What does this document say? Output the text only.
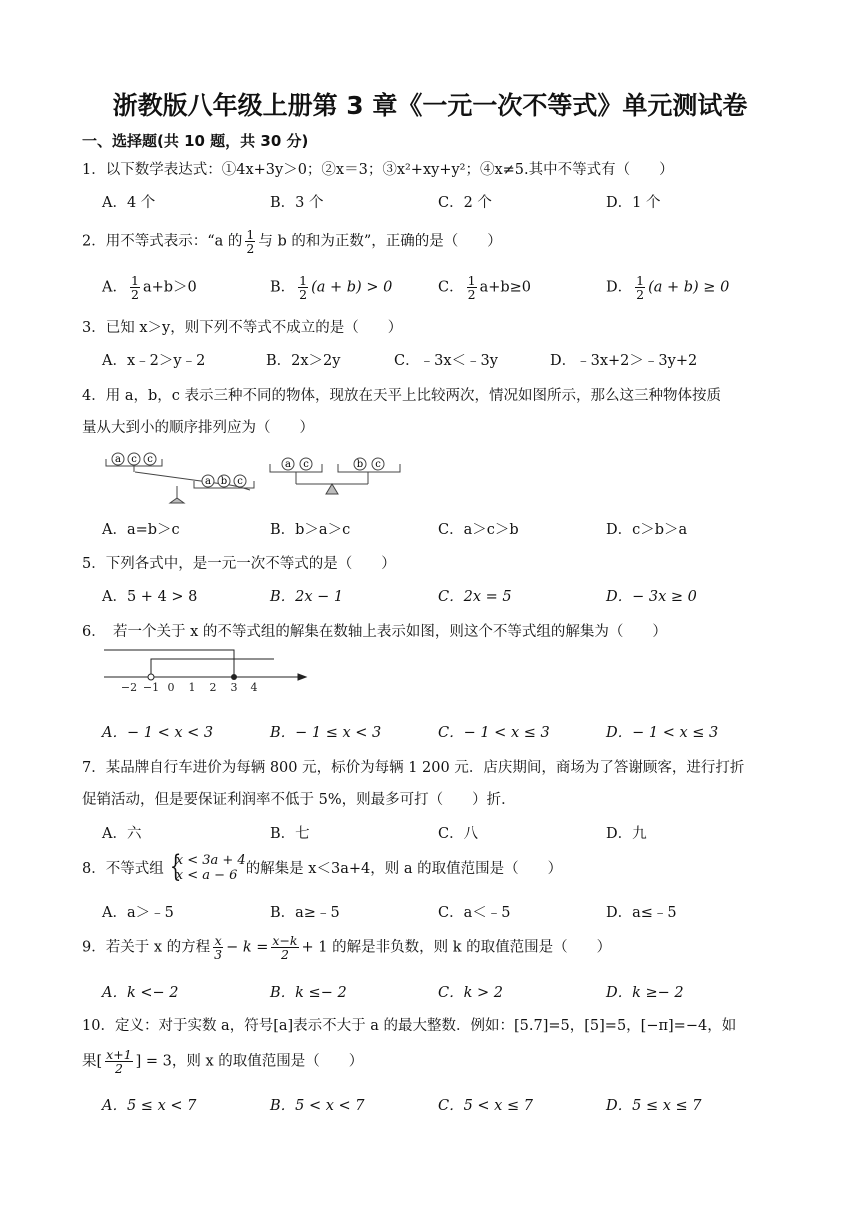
浙教版八年级上册第 3 章《一元一次不等式》单元测试卷
一、选择题(共 10 题，共 30 分)
1．以下数学表达式：①4x+3y＞0；②x＝3；③x²+xy+y²；④x≠5.其中不等式有（　　）
A．4 个	B．3 个	C．2 个	D．1 个
2．用不等式表示：“a 的 $\frac{1}{2}$ 与 b 的和为正数”，正确的是（　　）
A． $\frac{1}{2} a+b>0$	B． $\frac{1}{2} (a + b) > 0$	C． $\frac{1}{2} a+b\ge 0$	D． $\frac{1}{2} (a + b) \ge 0$
3．已知 x＞y，则下列不等式不成立的是（　　）
A．x﹣2＞y﹣2	B．2x＞2y	C．﹣3x＜﹣3y	D．﹣3x+2＞﹣3y+2
4．用 a，b，c 表示三种不同的物体，现放在天平上比较两次，情况如图所示，那么这三种物体按质
量从大到小的顺序排列应为（　　）
a c c
a b c
a c	b c
A．a=b＞c	B．b＞a＞c	C．a＞c＞b	D．c＞b＞a
5．下列各式中，是一元一次不等式的是（　　）
A．5 + 4 > 8	B．2x − 1	C．2x = 5	D．− 3x ≥ 0
6．　若一个关于 x 的不等式组的解集在数轴上表示如图，则这个不等式组的解集为（　　）
−2 −1 0 1 2 3 4
A．− 1 < x < 3	B．− 1 ≤ x < 3	C．− 1 < x ≤ 3	D．− 1 < x ≤ 3
7．某品牌自行车进价为每辆 800 元，标价为每辆 1 200 元．店庆期间，商场为了答谢顾客，进行打折
促销活动，但是要保证利润率不低于 5%，则最多可打（　　）折．
A．六	B．七	C．八	D．九
8．不等式组 {
x < 3a + 4
x < a − 6 的解集是 x＜3a+4，则 a 的取值范围是（　　）
A．a＞﹣5	B．a≥﹣5	C．a＜﹣5	D．a≤﹣5
9．若关于 x 的方程 $\frac{x}{3} - k = \frac{x-k}{2} + 1$ 的解是非负数，则 k 的取值范围是（　　）
A．k <− 2	B．k ≤− 2	C．k > 2	D．k ≥− 2
10．定义：对于实数 a，符号[a]表示不大于 a 的最大整数．例如：[5.7]=5，[5]=5，[−π]=−4，如
果[ $\frac{x+1}{2}$ ] = 3，则 x 的取值范围是（　　）
A．5 ≤ x < 7	B．5 < x < 7	C．5 < x ≤ 7	D．5 ≤ x ≤ 7
